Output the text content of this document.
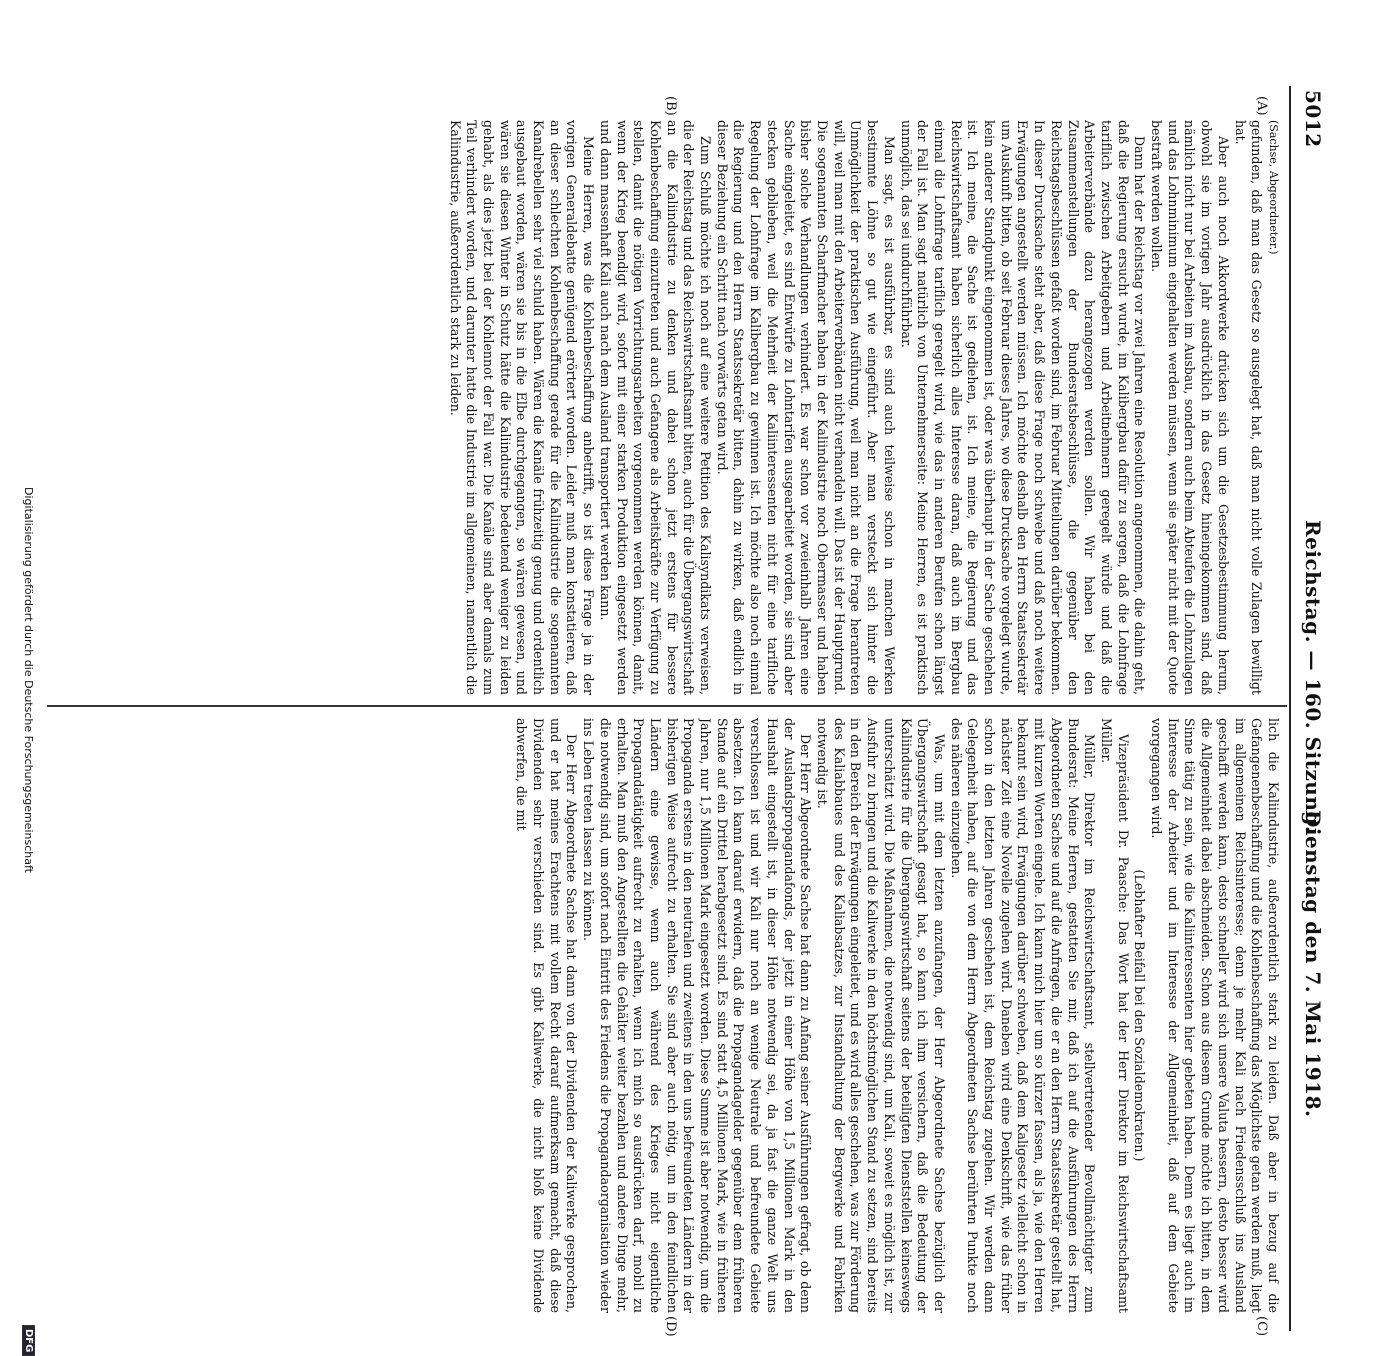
5012
Reichstag. — 160. Sitzung.
Dienstag den 7. Mai 1918.
(A)
(B)
(C)
(D)

(Sachse, Abgeordneter.)

gefunden, daß man das Gesetz so ausgelegt hat, daß man nicht volle Zulagen bewilligt hat.

Aber auch noch Akkordwerke drücken sich um die Gesetzesbestimmung herum, obwohl sie im vorigen Jahr ausdrücklich in das Gesetz hineingekommen sind, daß nämlich nicht nur bei Arbeiten im Ausbau, sondern auch beim Abteufen die Lohnzulagen und das Lohnminimum eingehalten werden müssen, wenn sie später nicht mit der Quote bestraft werden wollen.

Dann hat der Reichstag vor zwei Jahren eine Resolution angenommen, die dahin geht, daß die Regierung ersucht wurde, im Kalibergbau dafür zu sorgen, daß die Lohnfrage tariflich zwischen Arbeitgebern und Arbeitnehmern geregelt würde und daß die Arbeiterverbände dazu herangezogen werden sollen. Wir haben bei den Zusammenstellungen der Bundesratsbeschlüsse, die gegenüber den Reichstagsbeschlüssen gefaßt worden sind, im Februar Mitteilungen darüber bekommen. In dieser Drucksache steht aber, daß diese Frage noch schwebe und daß noch weitere Erwägungen angestellt werden müssen. Ich möchte deshalb den Herrn Staatssekretär um Auskunft bitten, ob seit Februar dieses Jahres, wo diese Drucksache vorgelegt wurde, kein anderer Standpunkt eingenommen ist, oder was überhaupt in der Sache geschehen ist. Ich meine, die Sache ist gediehen, ist. Ich meine, die Regierung und das Reichswirtschaftsamt haben sicherlich alles Interesse daran, daß auch im Bergbau einmal die Lohnfrage tariflich geregelt wird, wie das in anderen Berufen schon längst der Fall ist. Man sagt natürlich von Unternehmerseite: Meine Herren, es ist praktisch unmöglich, das sei undurchführbar.

Man sagt, es ist ausführbar, es sind auch teilweise schon in manchen Werken bestimmte Löhne so gut wie eingeführt. Aber man versteckt sich hinter die Unmöglichkeit der praktischen Ausführung, weil man nicht an die Frage herantreten will, weil man mit den Arbeiterverbänden nicht verhandeln will. Das ist der Hauptgrund. Die sogenannten Scharfmacher haben in der Kaliindustrie noch Obermasser und haben bisher solche Verhandlungen verhindert. Es war schon vor zweieinhalb Jahren eine Sache eingeleitet, es sind Entwürfe zu Lohntarifen ausgearbeitet worden, sie sind aber stecken geblieben, weil die Mehrheit der Kaliinteressenten nicht für eine tarifliche Regelung der Lohnfrage im Kalibergbau zu gewinnen ist. Ich möchte also noch einmal die Regierung und den Herrn Staatssekretär bitten, dahin zu wirken, daß endlich in dieser Beziehung ein Schritt nach vorwärts getan wird.

Zum Schluß möchte ich noch auf eine weitere Petition des Kalisyndikats verweisen, die der Reichstag und das Reichswirtschaftsamt bitten, auch für die Übergangswirtschaft an die Kaliindustrie zu denken und dabei schon jetzt erstens für bessere Kohlenbeschaffung einzutreten und auch Gefangene als Arbeitskräfte zur Verfügung zu stellen, damit die nötigen Vorrichtungsarbeiten vorgenommen werden können, damit, wenn der Krieg beendigt wird, sofort mit einer starken Produktion eingesetzt werden und dann massenhaft Kali auch nach dem Ausland transportiert werden kann.

Meine Herren, was die Kohlenbeschaffung anbetrifft, so ist diese Frage ja in der vorigen Generaldebatte genügend erörtert worden. Leider muß man konstatieren, daß an dieser schlechten Kohlenbeschaffung gerade für die Kaliindustrie die sogenannten Kanalrebellen sehr viel schuld haben. Wären die Kanäle frühzeitig genug und ordentlich ausgebaut worden, wären sie bis in die Elbe durchgegangen, so wären gewesen, und wären sie diesen Winter in Schutz hätte die Kaliindustrie bedeutend weniger zu leiden gehabt, als dies jetzt bei der Kohlennot der Fall war. Die Kanäle sind aber damals zum Teil verhindert worden, und darunter hatte die Industrie im allgemeinen, namentlich die Kaliindustrie, außerordentlich stark zu leiden.

lich die Kaliindustrie, außerordentlich stark zu leiden. Daß aber in bezug auf die Gefangenenbeschaffung und die Kohlenbeschaffung das Möglichste getan werden muß, liegt im allgemeinen Reichsinteresse; denn je mehr Kali nach Friedensschluß ins Ausland geschafft werden kann, desto schneller wird sich unsere Valuta bessern, desto besser wird die Allgemeinheit dabei abschneiden. Schon aus diesem Grunde möchte ich bitten, in dem Sinne tätig zu sein, wie die Kaliinteressenten hier gebeten haben. Denn es liegt auch im Interesse der Arbeiter und im Interesse der Allgemeinheit, daß auf dem Gebiete vorgegangen wird.

(Lebhafter Beifall bei den Sozialdemokraten.)

Vizepräsident Dr. Paasche: Das Wort hat der Herr Direktor im Reichswirtschaftsamt Müller.

Müller, Direktor im Reichswirtschaftsamt, stellvertretender Bevollmächtigter zum Bundesrat: Meine Herren, gestatten Sie mir, daß ich auf die Ausführungen des Herrn Abgeordneten Sachse und auf die Anfragen, die er an den Herrn Staatssekretär gestellt hat, mit kurzen Worten eingehe. Ich kann mich hier um so kürzer fassen, als ja, wie den Herren bekannt sein wird, Erwägungen darüber schweben, daß dem Kaligesetz vielleicht schon in nächster Zeit eine Novelle zugehen wird. Daneben wird eine Denkschrift, wie das früher schon in den letzten Jahren geschehen ist, dem Reichstag zugehen. Wir werden dann Gelegenheit haben, auf die von dem Herrn Abgeordneten Sachse berührten Punkte noch des näheren einzugehen.

Was, um mit dem letzten anzufangen, der Herr Abgeordnete Sachse bezüglich der Übergangswirtschaft gesagt hat, so kann ich ihm versichern, daß die Bedeutung der Kaliindustrie für die Übergangswirtschaft seitens der beteiligten Dienststellen keineswegs unterschätzt wird. Die Maßnahmen, die notwendig sind, um Kali, soweit es möglich ist, zur Ausfuhr zu bringen und die Kaliwerke in den höchstmöglichen Stand zu setzen, sind bereits in den Bereich der Erwägungen eingeleitet, und es wird alles geschehen, was zur Förderung des Kaliabbaues und des Kaliabsatzes, zur Instandhaltung der Bergwerke und Fabriken notwendig ist.

Der Herr Abgeordnete Sachse hat dann zu Anfang seiner Ausführungen gefragt, ob denn der Auslandspropagandafonds, der jetzt in einer Höhe von 1,5 Millionen Mark in den Haushalt eingestellt ist, in dieser Höhe notwendig sei, da ja fast die ganze Welt uns verschlossen ist und wir Kali nur noch an wenige Neutrale und befreundete Gebiete absetzen. Ich kann darauf erwidern, daß die Propagandagelder gegenüber dem früheren Stande auf ein Drittel herabgesetzt sind. Es sind statt 4,5 Millionen Mark, wie in früheren Jahren, nur 1,5 Millionen Mark eingesetzt worden. Diese Summe ist aber notwendig, um die Propaganda erstens in den neutralen und zweitens in den uns befreundeten Ländern in der bisherigen Weise aufrecht zu erhalten. Sie sind aber auch nötig, um in den feindlichen Ländern eine gewisse, wenn auch während des Krieges nicht eigentliche Propagandatätigkeit aufrecht zu erhalten, wenn ich mich so ausdrücken darf, mobil zu erhalten. Man muß den Angestellten die Gehälter weiter bezahlen und andere Dinge mehr, die notwendig sind, um sofort nach Eintritt des Friedens die Propagandaorganisation wieder ins Leben treten lassen zu können.

Der Herr Abgeordnete Sachse hat dann von der Dividenden der Kaliwerke gesprochen, und er hat meines Erachtens mit vollem Recht darauf aufmerksam gemacht, daß diese Dividenden sehr verschieden sind. Es gibt Kaliwerke, die nicht bloß keine Dividende abwerfen, die mit

Digitalisierung gefördert durch die Deutsche Forschungsgemeinschaft
DFG
